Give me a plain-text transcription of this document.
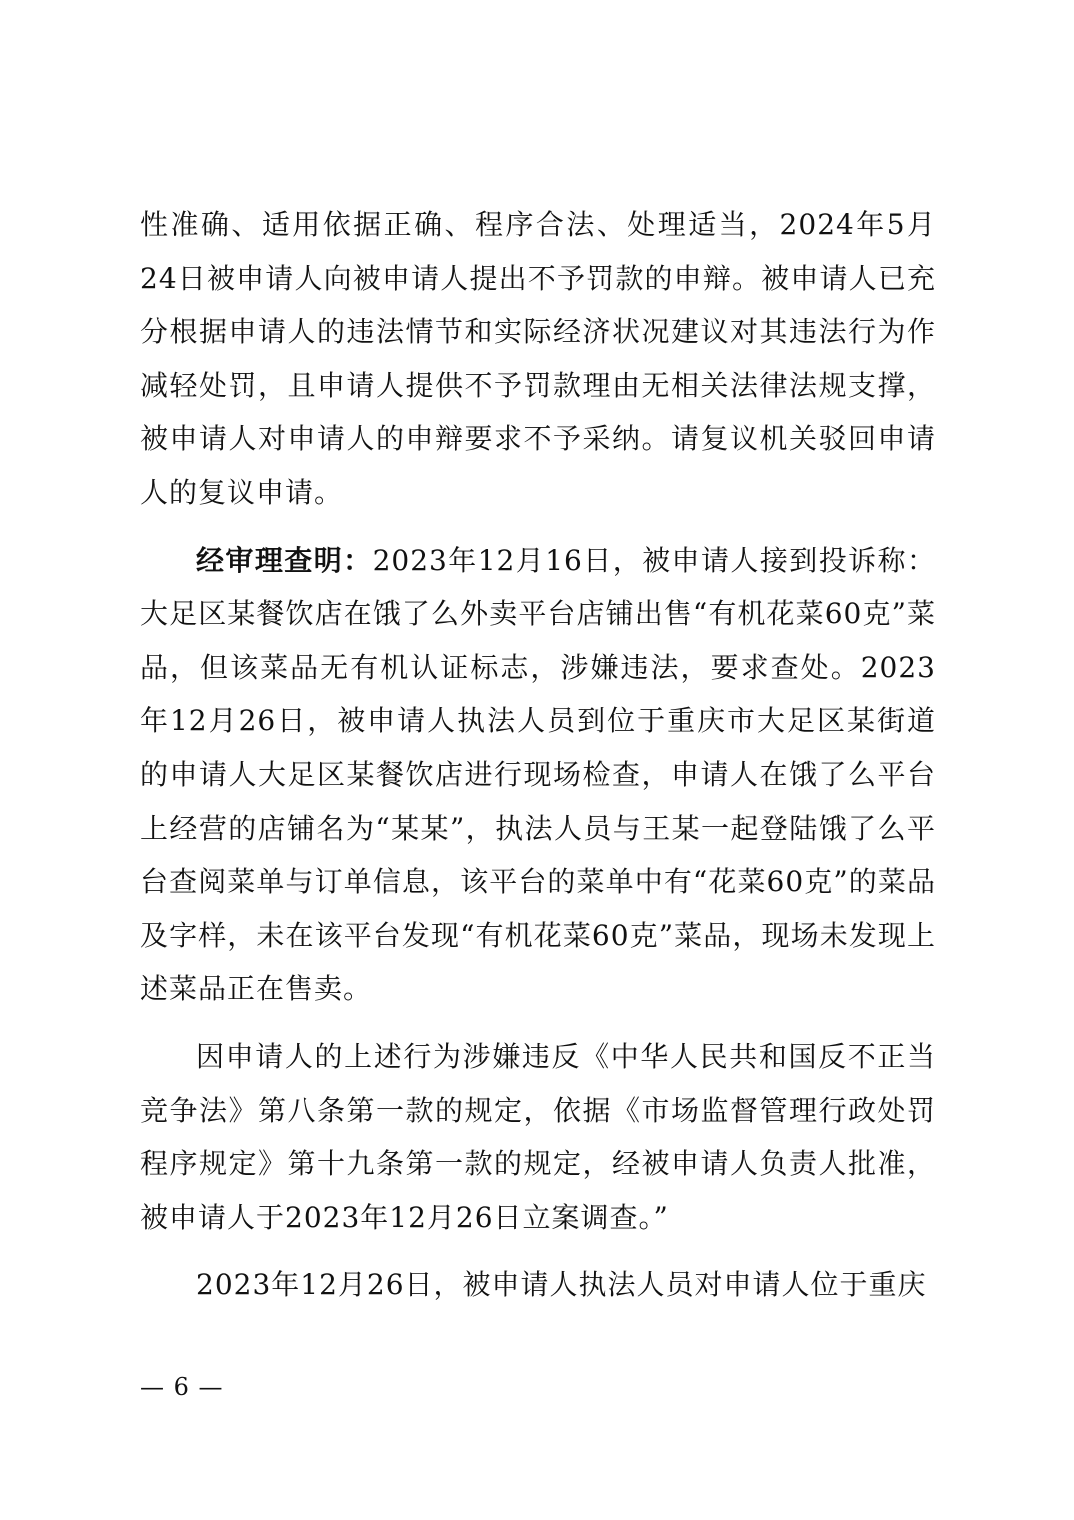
性准确、适用依据正确、程序合法、处理适当，2024年5月24日被申请人向被申请人提出不予罚款的申辩。被申请人已充分根据申请人的违法情节和实际经济状况建议对其违法行为作减轻处罚，且申请人提供不予罚款理由无相关法律法规支撑，被申请人对申请人的申辩要求不予采纳。请复议机关驳回申请人的复议申请。

经审理查明：2023年12月16日，被申请人接到投诉称：大足区某餐饮店在饿了么外卖平台店铺出售“有机花菜60克”菜品，但该菜品无有机认证标志，涉嫌违法，要求查处。2023年12月26日，被申请人执法人员到位于重庆市大足区某街道的申请人大足区某餐饮店进行现场检查，申请人在饿了么平台上经营的店铺名为“某某”，执法人员与王某一起登陆饿了么平台查阅菜单与订单信息，该平台的菜单中有“花菜60克”的菜品及字样，未在该平台发现“有机花菜60克”菜品，现场未发现上述菜品正在售卖。

因申请人的上述行为涉嫌违反《中华人民共和国反不正当竞争法》第八条第一款的规定，依据《市场监督管理行政处罚程序规定》第十九条第一款的规定，经被申请人负责人批准，被申请人于2023年12月26日立案调查。”

2023年12月26日，被申请人执法人员对申请人位于重庆

— 6 —
